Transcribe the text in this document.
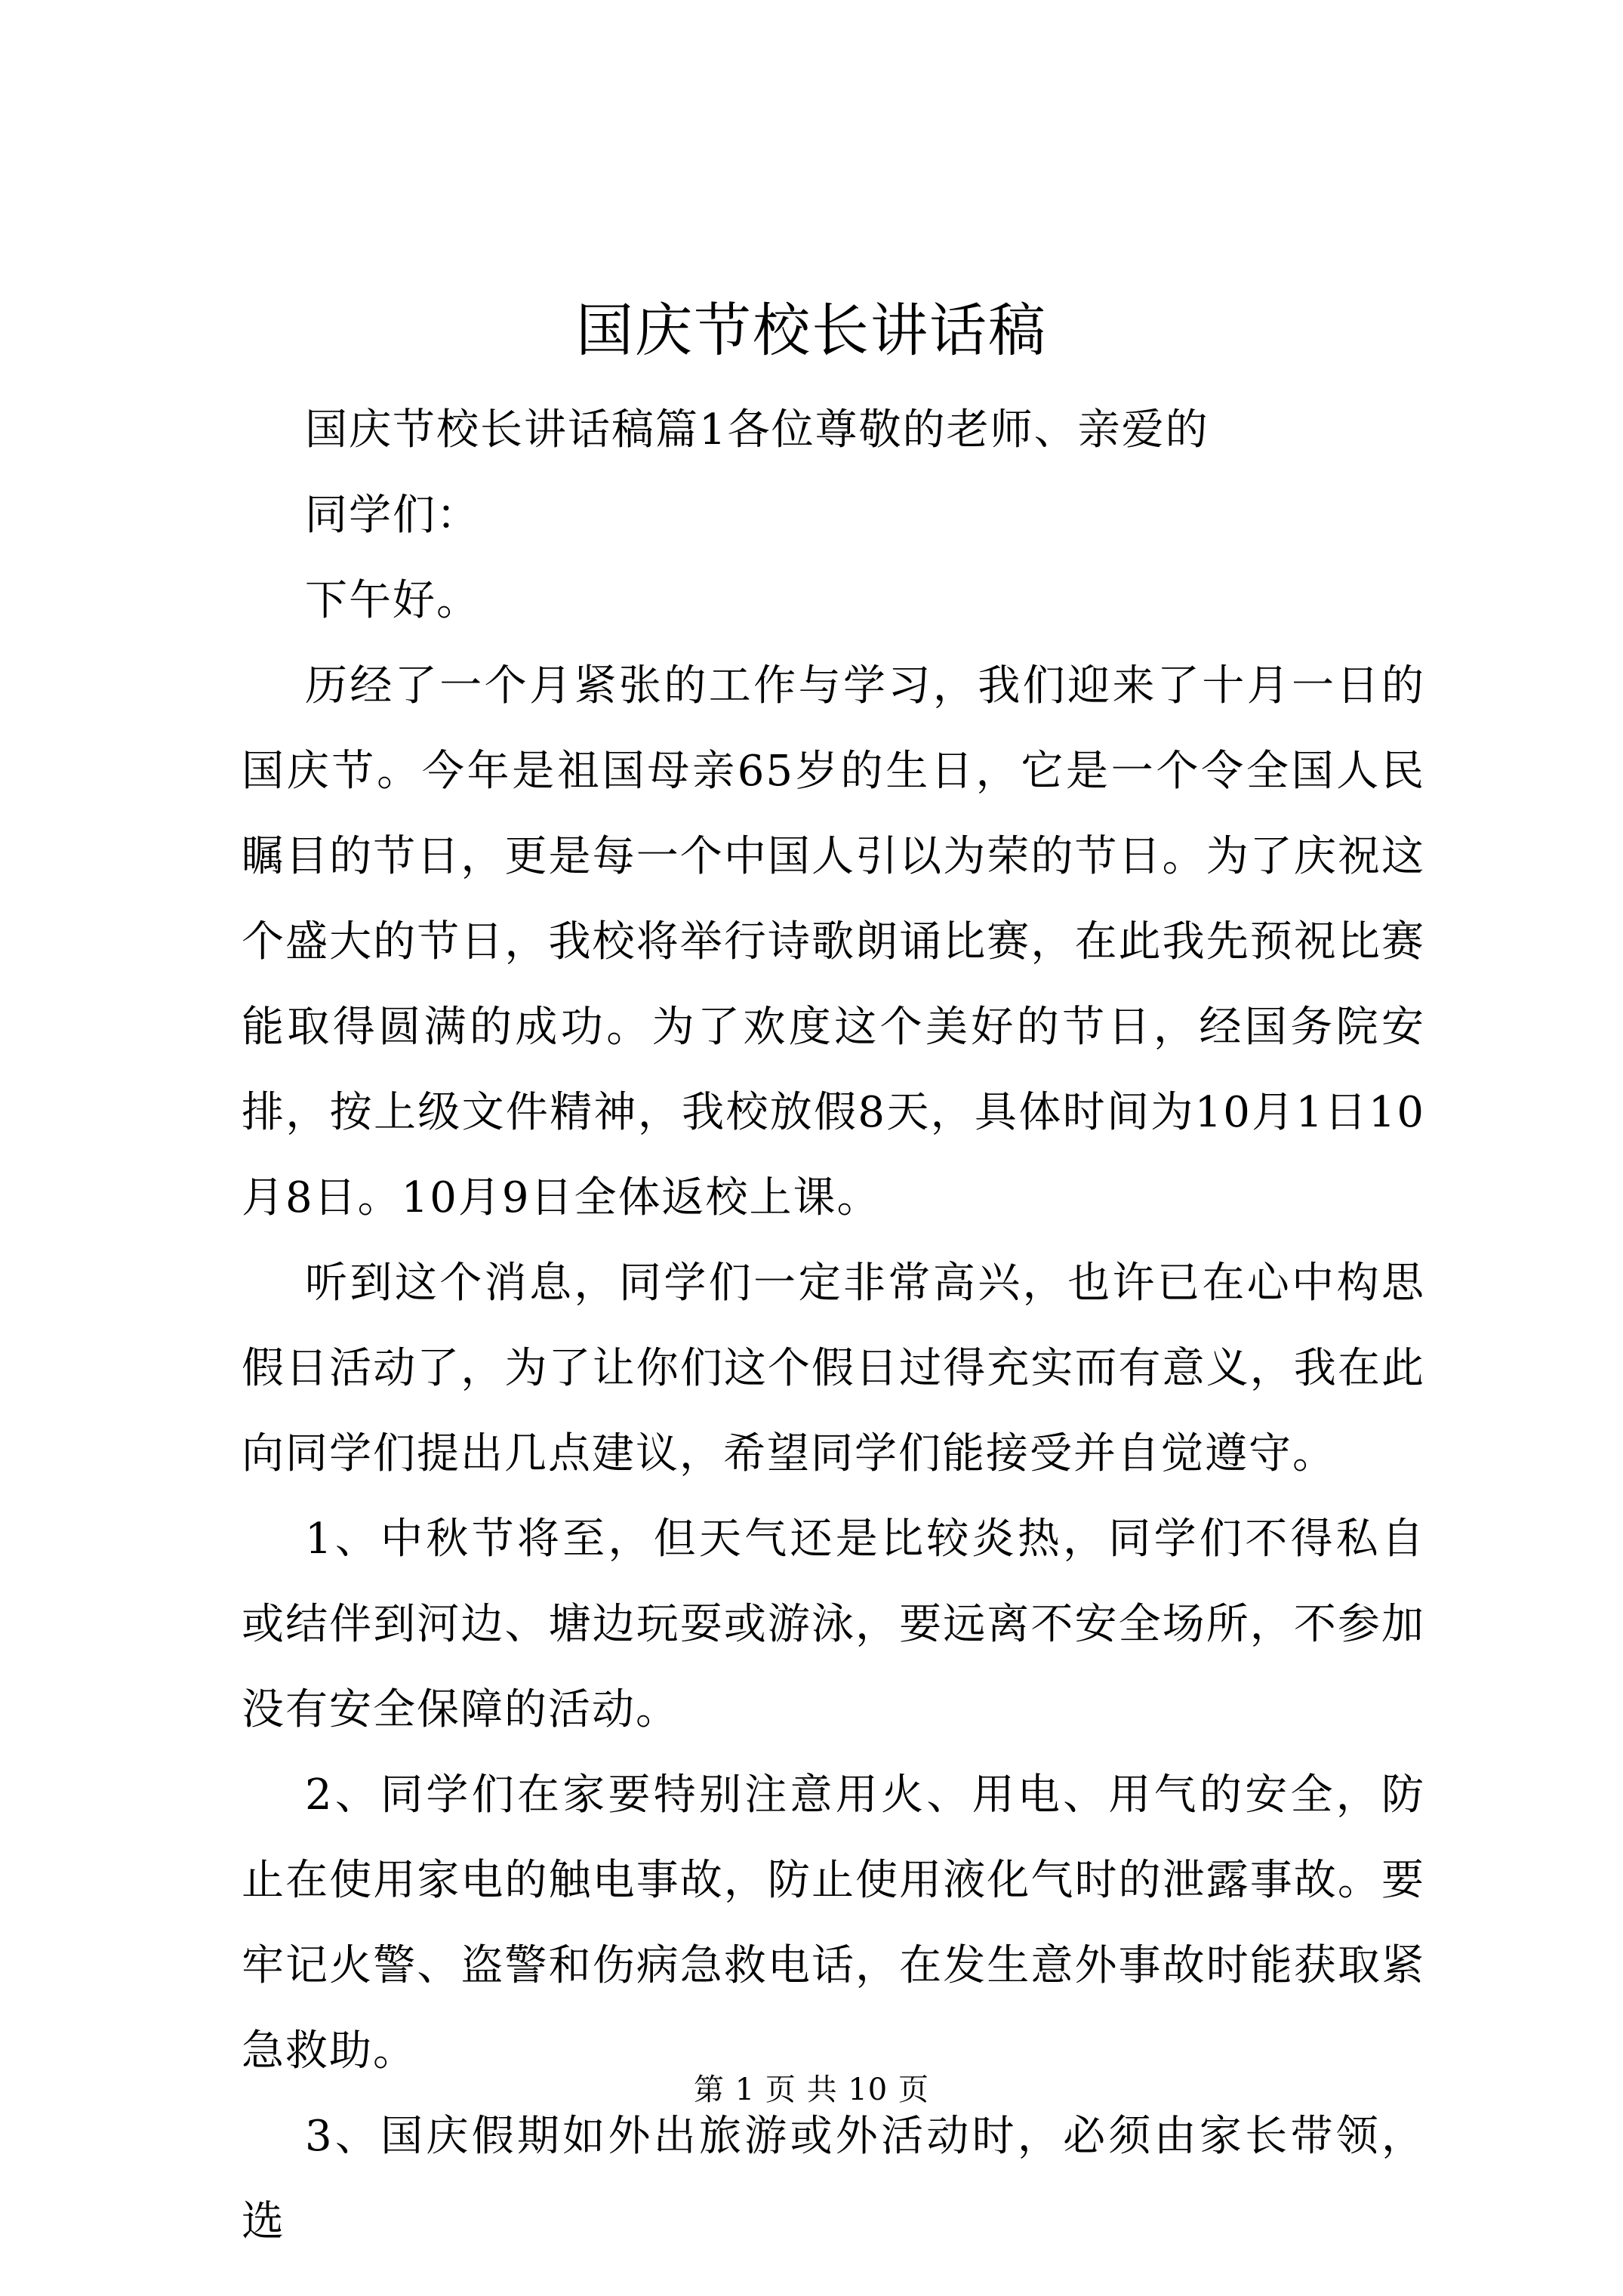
国庆节校长讲话稿

国庆节校长讲话稿篇1各位尊敬的老师、亲爱的

同学们：

下午好。

历经了一个月紧张的工作与学习，我们迎来了十月一日的国庆节。今年是祖国母亲65岁的生日，它是一个令全国人民瞩目的节日，更是每一个中国人引以为荣的节日。为了庆祝这个盛大的节日，我校将举行诗歌朗诵比赛，在此我先预祝比赛能取得圆满的成功。为了欢度这个美好的节日，经国务院安排，按上级文件精神，我校放假8天，具体时间为10月1日10月8日。10月9日全体返校上课。

听到这个消息，同学们一定非常高兴，也许已在心中构思假日活动了，为了让你们这个假日过得充实而有意义，我在此向同学们提出几点建议，希望同学们能接受并自觉遵守。

1、中秋节将至，但天气还是比较炎热，同学们不得私自或结伴到河边、塘边玩耍或游泳，要远离不安全场所，不参加没有安全保障的活动。

2、同学们在家要特别注意用火、用电、用气的安全，防止在使用家电的触电事故，防止使用液化气时的泄露事故。要牢记火警、盗警和伤病急救电话，在发生意外事故时能获取紧急救助。

3、国庆假期如外出旅游或外活动时，必须由家长带领，选

第 1 页 共 10 页
